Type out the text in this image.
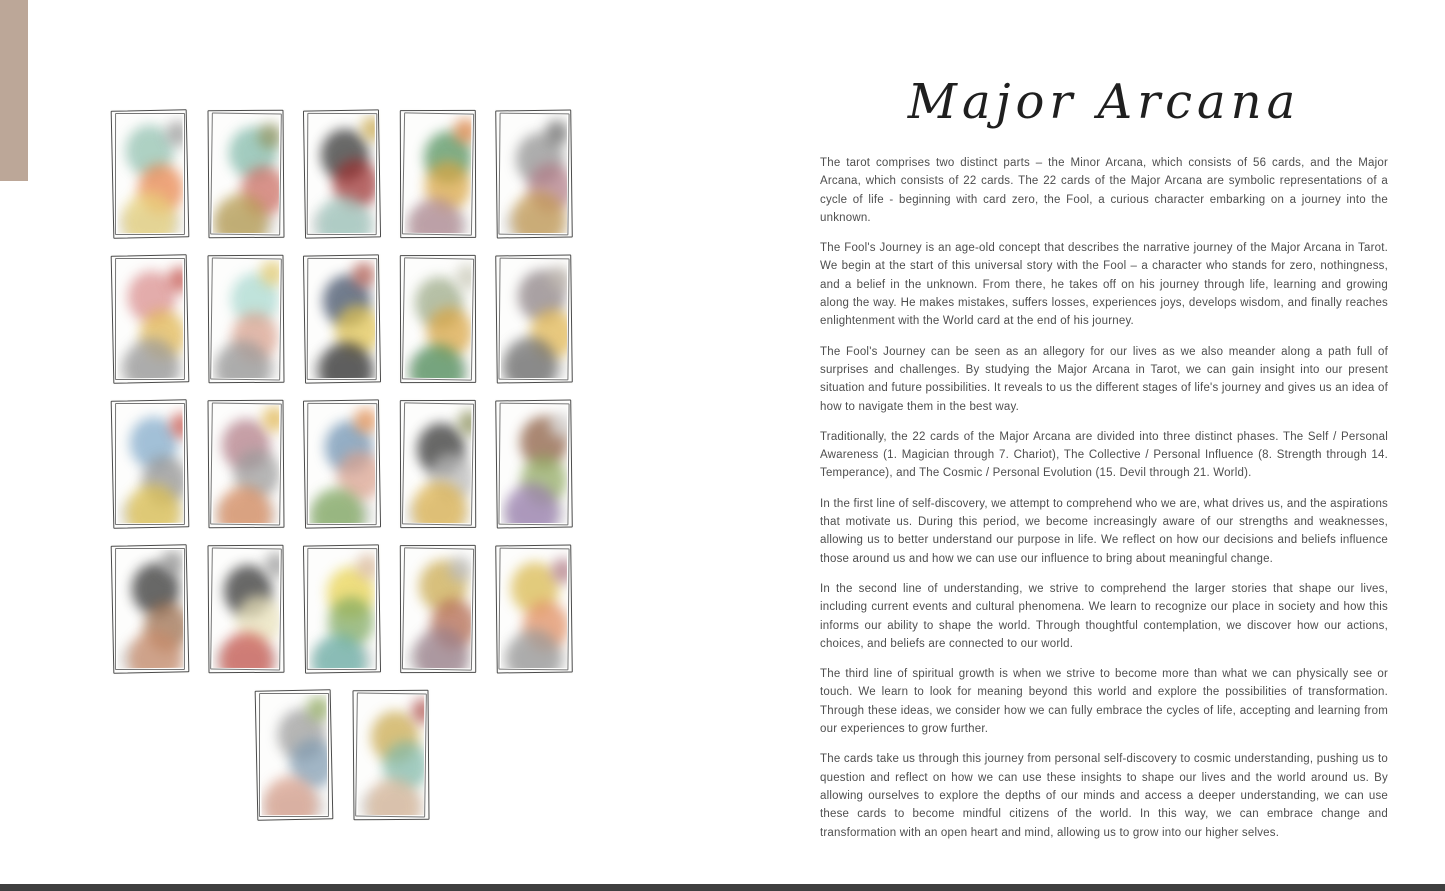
Major Arcana

The tarot comprises two distinct parts – the Minor Arcana, which consists of 56 cards, and the Major Arcana, which consists of 22 cards. The 22 cards of the Major Arcana are symbolic representations of a cycle of life - beginning with card zero, the Fool, a curious character embarking on a journey into the unknown.

The Fool's Journey is an age-old concept that describes the narrative journey of the Major Arcana in Tarot. We begin at the start of this universal story with the Fool – a character who stands for zero, nothingness, and a belief in the unknown. From there, he takes off on his journey through life, learning and growing along the way. He makes mistakes, suffers losses, experiences joys, develops wisdom, and finally reaches enlightenment with the World card at the end of his journey.

The Fool's Journey can be seen as an allegory for our lives as we also meander along a path full of surprises and challenges. By studying the Major Arcana in Tarot, we can gain insight into our present situation and future possibilities. It reveals to us the different stages of life's journey and gives us an idea of how to navigate them in the best way.

Traditionally, the 22 cards of the Major Arcana are divided into three distinct phases. The Self / Personal Awareness (1. Magician through 7. Chariot), The Collective / Personal Influence (8. Strength through 14. Temperance), and The Cosmic / Personal Evolution (15. Devil through 21. World).

In the first line of self-discovery, we attempt to comprehend who we are, what drives us, and the aspirations that motivate us. During this period, we become increasingly aware of our strengths and weaknesses, allowing us to better understand our purpose in life. We reflect on how our decisions and beliefs influence those around us and how we can use our influence to bring about meaningful change.

In the second line of understanding, we strive to comprehend the larger stories that shape our lives, including current events and cultural phenomena. We learn to recognize our place in society and how this informs our ability to shape the world. Through thoughtful contemplation, we discover how our actions, choices, and beliefs are connected to our world.

The third line of spiritual growth is when we strive to become more than what we can physically see or touch. We learn to look for meaning beyond this world and explore the possibilities of transformation. Through these ideas, we consider how we can fully embrace the cycles of life, accepting and learning from our experiences to grow further.

The cards take us through this journey from personal self-discovery to cosmic understanding, pushing us to question and reflect on how we can use these insights to shape our lives and the world around us. By allowing ourselves to explore the depths of our minds and access a deeper understanding, we can use these cards to become mindful citizens of the world. In this way, we can embrace change and transformation with an open heart and mind, allowing us to grow into our higher selves.
